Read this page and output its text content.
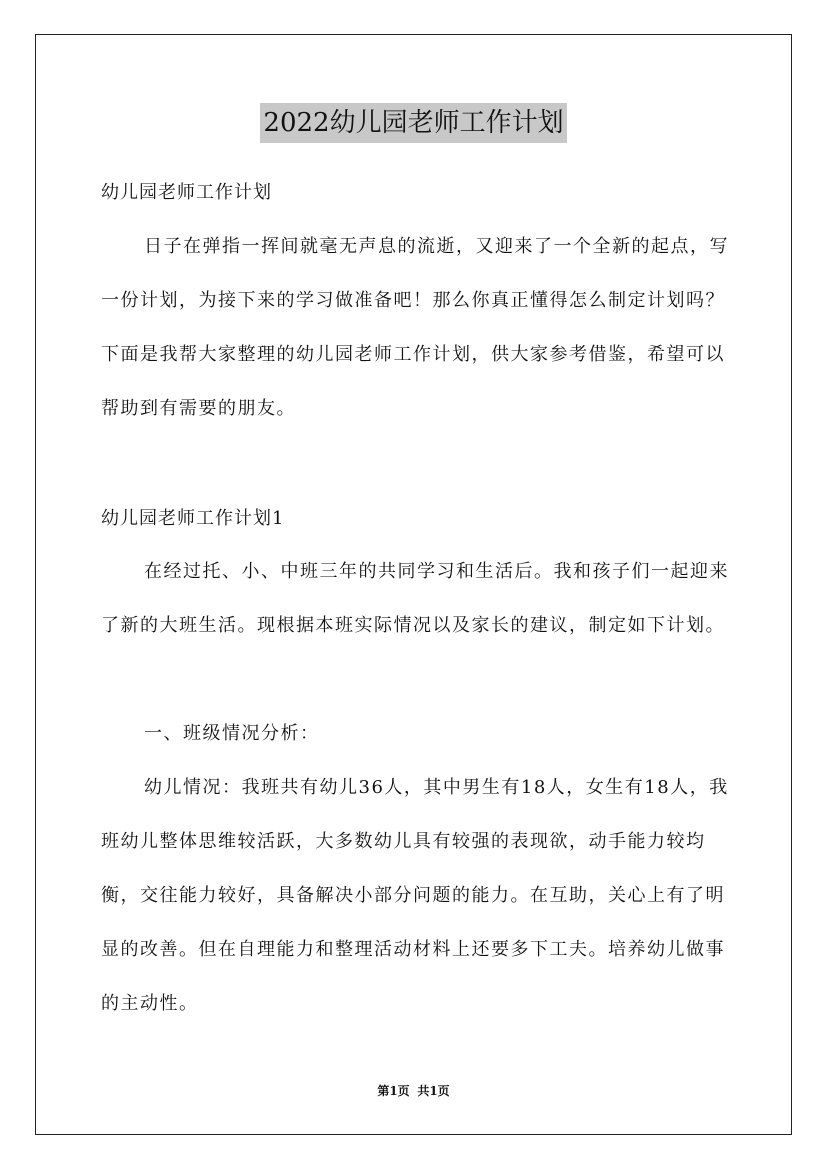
2022幼儿园老师工作计划

幼儿园老师工作计划

日子在弹指一挥间就毫无声息的流逝，又迎来了一个全新的起点，写一份计划，为接下来的学习做准备吧！那么你真正懂得怎么制定计划吗？下面是我帮大家整理的幼儿园老师工作计划，供大家参考借鉴，希望可以帮助到有需要的朋友。

幼儿园老师工作计划1

在经过托、小、中班三年的共同学习和生活后。我和孩子们一起迎来了新的大班生活。现根据本班实际情况以及家长的建议，制定如下计划。

一、班级情况分析：

幼儿情况：我班共有幼儿36人，其中男生有18人，女生有18人，我班幼儿整体思维较活跃，大多数幼儿具有较强的表现欲，动手能力较均衡，交往能力较好，具备解决小部分问题的能力。在互助，关心上有了明显的改善。但在自理能力和整理活动材料上还要多下工夫。培养幼儿做事的主动性。

第1页 共1页
